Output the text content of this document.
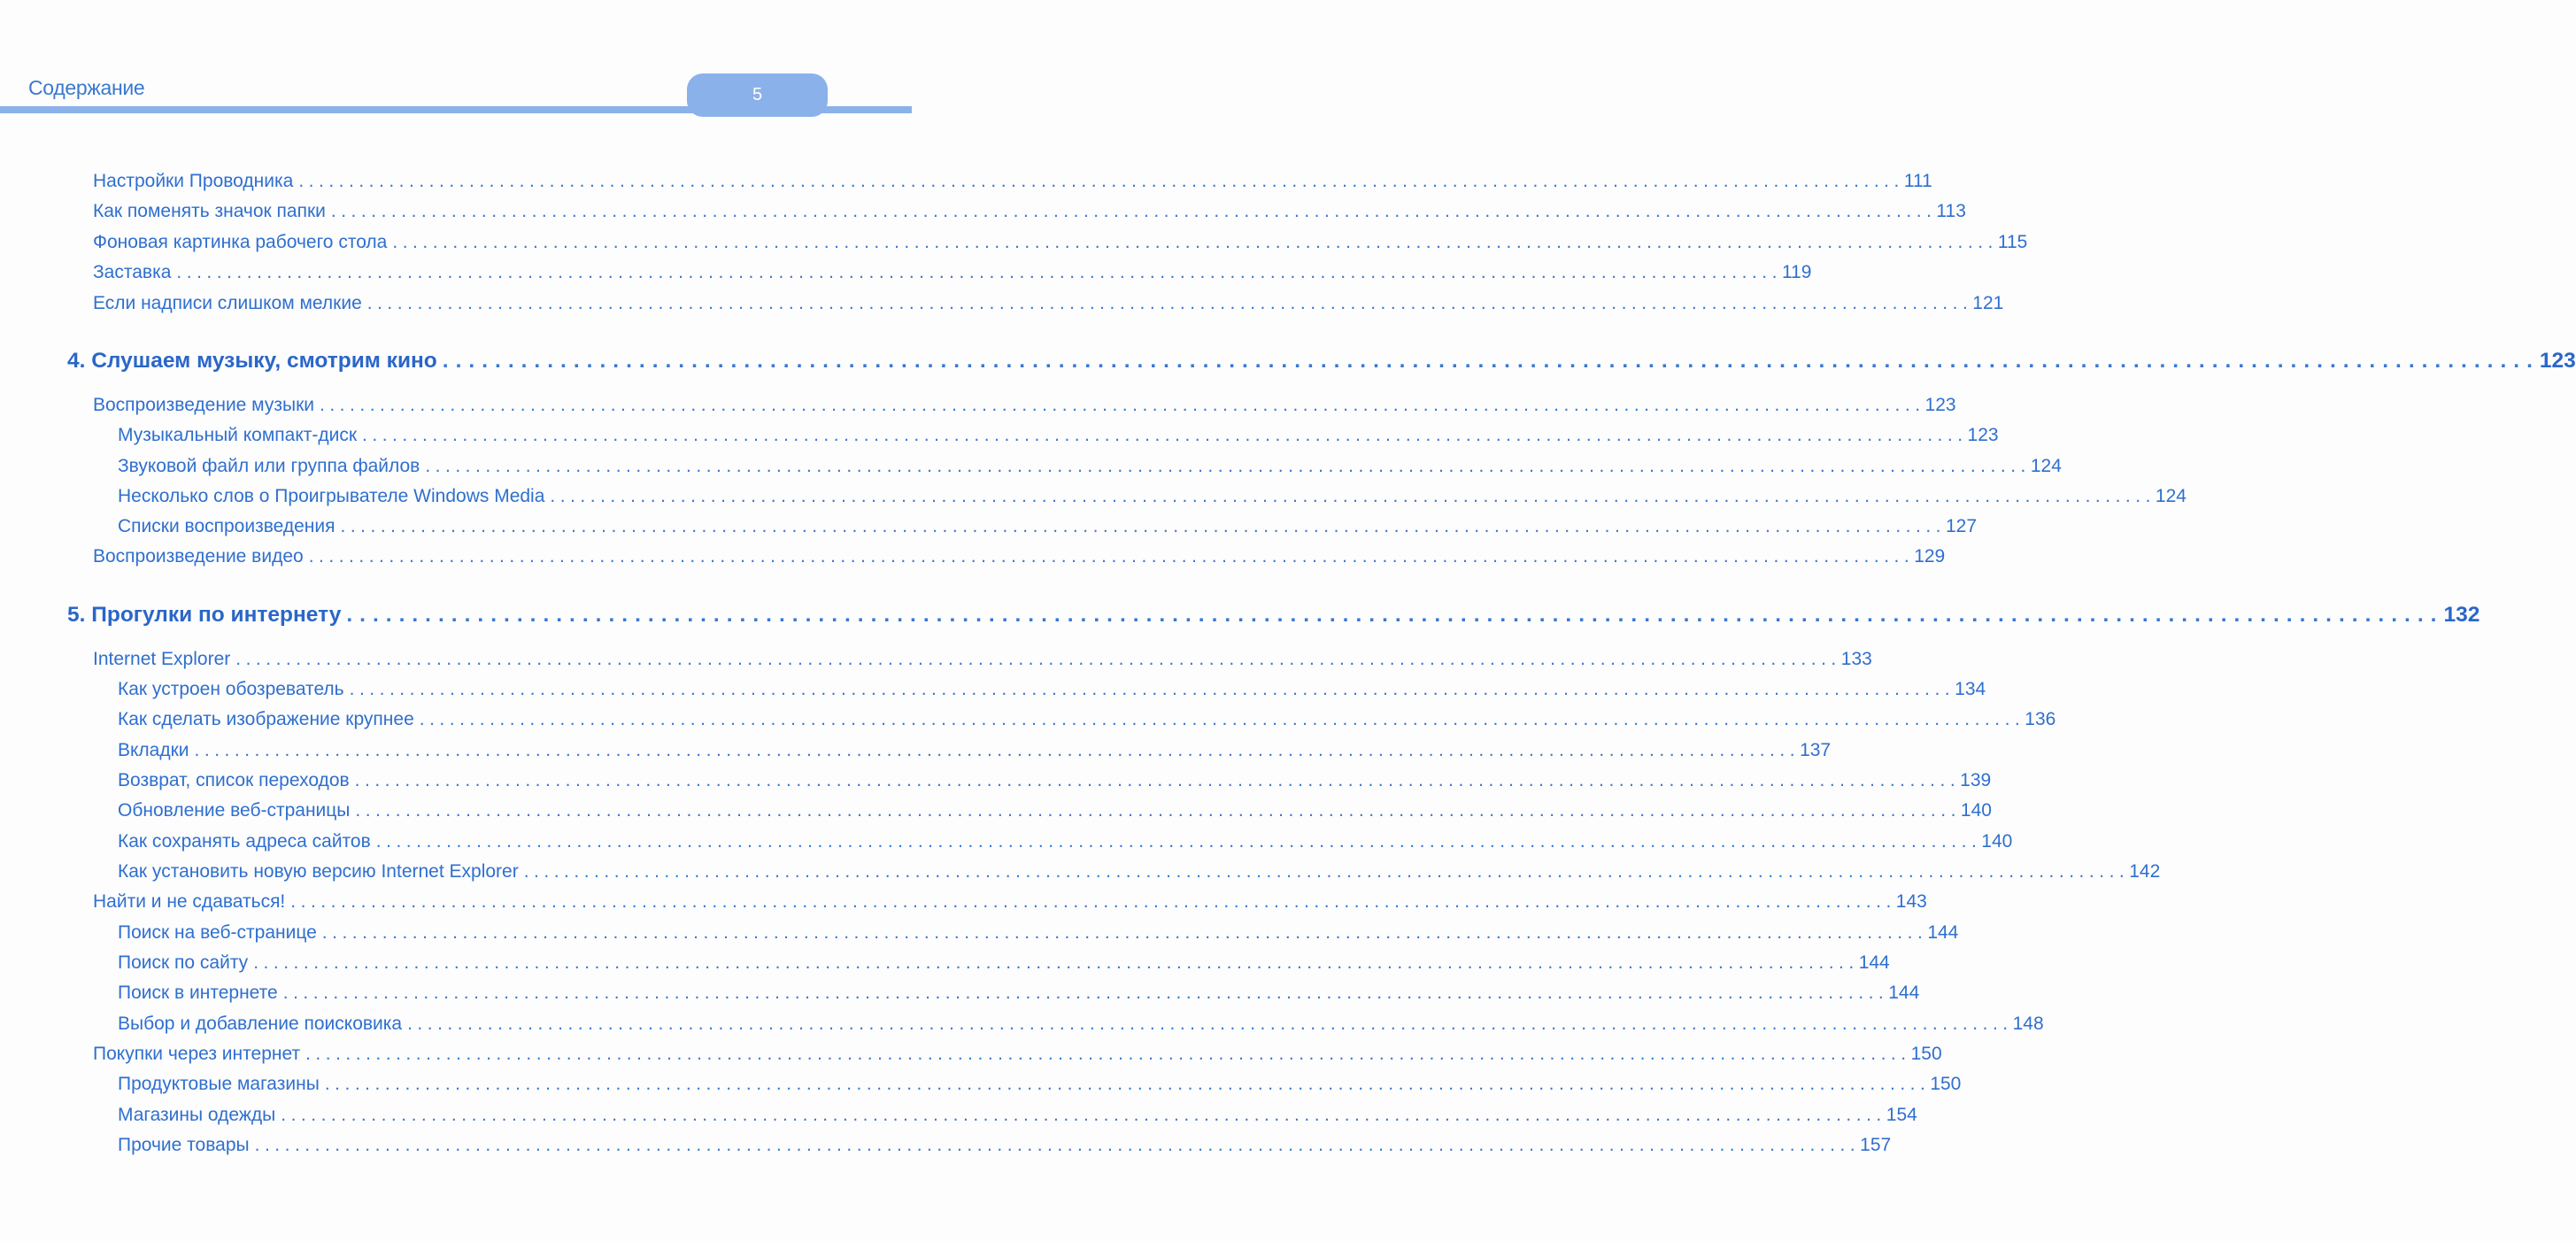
Содержание	5
Настройки Проводника ................................................................................................................................................................ 111
Как поменять значок папки ................................................................................................................................................................ 113
Фоновая картинка рабочего стола ................................................................................................................................................................ 115
Заставка ................................................................................................................................................................ 119
Если надписи слишком мелкие ................................................................................................................................................................ 121
4. Слушаем музыку, смотрим кино ................................................................................................................................................................ 123
Воспроизведение музыки ................................................................................................................................................................ 123
Музыкальный компакт-диск ................................................................................................................................................................ 123
Звуковой файл или группа файлов ................................................................................................................................................................ 124
Несколько слов о Проигрывателе Windows Media ................................................................................................................................................................ 124
Списки воспроизведения ................................................................................................................................................................ 127
Воспроизведение видео ................................................................................................................................................................ 129
5. Прогулки по интернету ................................................................................................................................................................ 132
Internet Explorer ................................................................................................................................................................ 133
Как устроен обозреватель ................................................................................................................................................................ 134
Как сделать изображение крупнее ................................................................................................................................................................ 136
Вкладки ................................................................................................................................................................ 137
Возврат, список переходов ................................................................................................................................................................ 139
Обновление веб-страницы ................................................................................................................................................................ 140
Как сохранять адреса сайтов ................................................................................................................................................................ 140
Как установить новую версию Internet Explorer ................................................................................................................................................................ 142
Найти и не сдаваться! ................................................................................................................................................................ 143
Поиск на веб-странице ................................................................................................................................................................ 144
Поиск по сайту ................................................................................................................................................................ 144
Поиск в интернете ................................................................................................................................................................ 144
Выбор и добавление поисковика ................................................................................................................................................................ 148
Покупки через интернет ................................................................................................................................................................ 150
Продуктовые магазины ................................................................................................................................................................ 150
Магазины одежды ................................................................................................................................................................ 154
Прочие товары ................................................................................................................................................................ 157
